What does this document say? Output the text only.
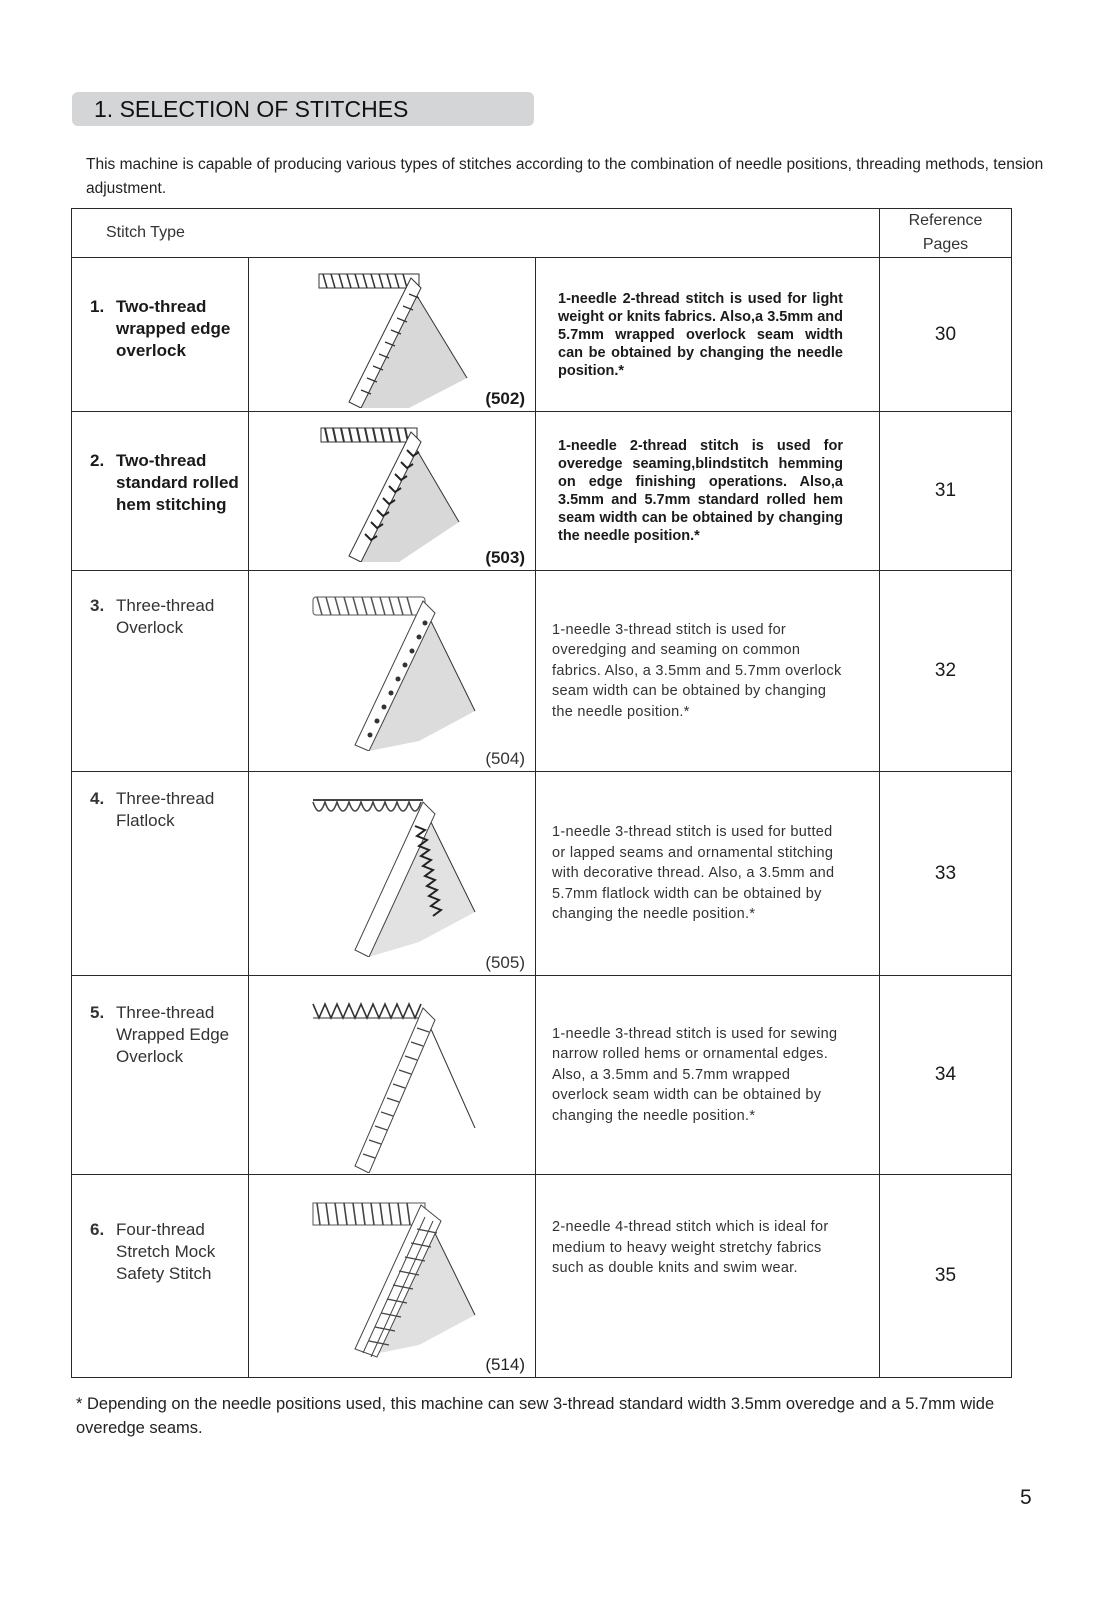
1. SELECTION OF STITCHES
This machine is capable of producing various types of stitches according to the combination of needle positions, threading methods, tension adjustment.
Stitch Type			Reference
Pages

1. Two-thread
wrapped edge
overlock	(502)	1-needle 2-thread stitch is used for light weight or knits fabrics. Also,a 3.5mm and 5.7mm wrapped overlock seam width can be obtained by changing the needle position.*	30

2. Two-thread
standard rolled
hem stitching

(503)
	1-needle 2-thread stitch is used for overedge seaming,blindstitch hemming on edge finishing operations. Also,a 3.5mm and 5.7mm standard rolled hem seam width can be obtained by changing the needle position.*	31

3. Three-thread
Overlock	(504)	1-needle 3-thread stitch is used for overedging and seaming on common fabrics. Also, a 3.5mm and 5.7mm overlock seam width can be obtained by changing the needle position.*	32

4. Three-thread
Flatlock	(505)	1-needle 3-thread stitch is used for butted or lapped seams and ornamental stitching with decorative thread. Also, a 3.5mm and 5.7mm flatlock width can be obtained by changing the needle position.*	33

5. Three-thread
Wrapped Edge
Overlock		1-needle 3-thread stitch is used for sewing narrow rolled hems or ornamental edges. Also, a 3.5mm and 5.7mm wrapped overlock seam width can be obtained by changing the needle position.*	34

6. Four-thread
Stretch Mock
Safety Stitch	(514)	2-needle 4-thread stitch which is ideal for medium to heavy weight stretchy fabrics such as double knits and swim wear.	35
* Depending on the needle positions used, this machine can sew 3-thread standard width 3.5mm overedge and a 5.7mm wide overedge seams.
5
